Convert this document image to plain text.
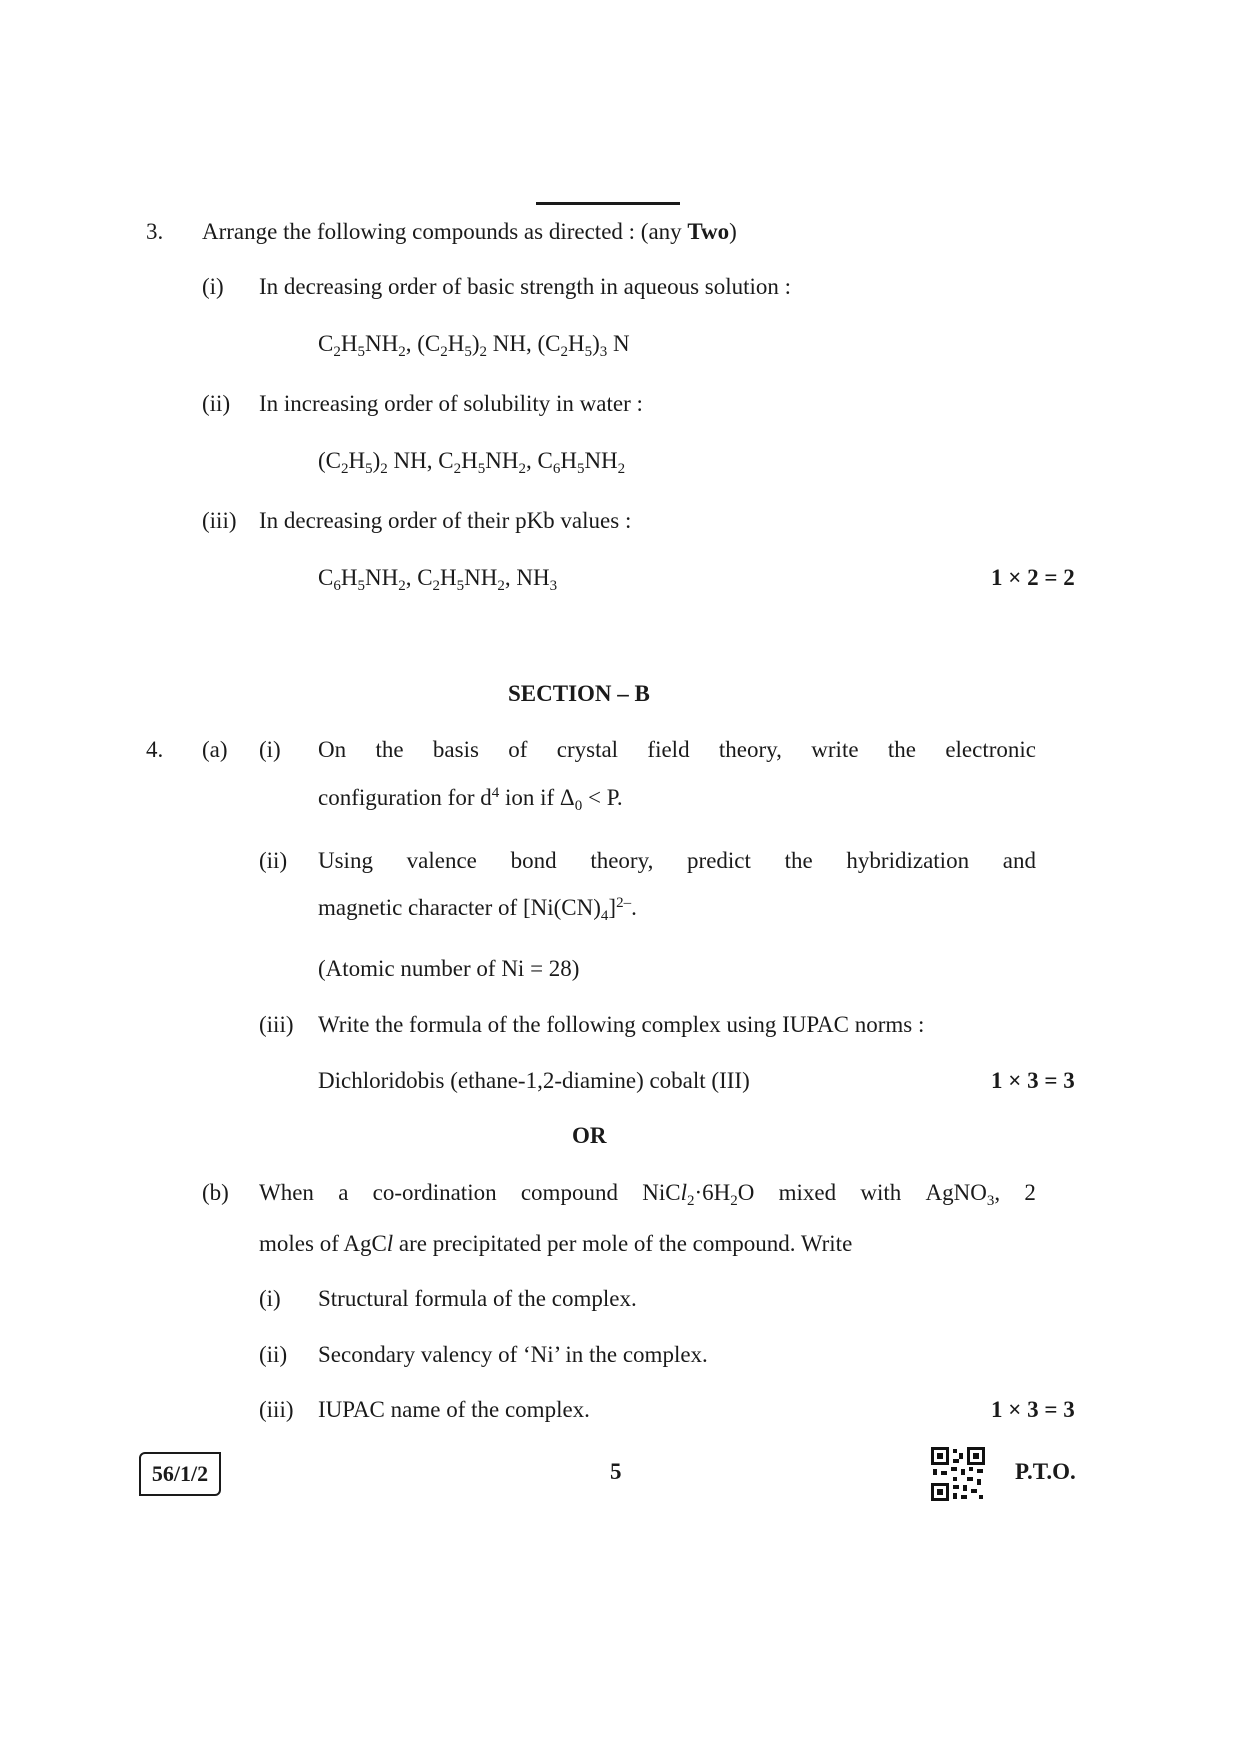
3. Arrange the following compounds as directed : (any Two)
(i) In decreasing order of basic strength in aqueous solution :
$C_2H_5NH_2$, $(C_2H_5)_2$ NH, $(C_2H_5)_3$ N
(ii) In increasing order of solubility in water :
$(C_2H_5)_2$ NH, $C_2H_5NH_2$, $C_6H_5NH_2$
(iii) In decreasing order of their pKb values :
$C_6H_5NH_2$, $C_2H_5NH_2$, $NH_3$	1 × 2 = 2
SECTION – B
4. (a) (i) On the basis of crystal field theory, write the electronic
configuration for $d^4$ ion if $\Delta_0 < P$.
(ii) Using valence bond theory, predict the hybridization and
magnetic character of $[Ni(CN)_4]^{2-}$.
(Atomic number of Ni = 28)
(iii) Write the formula of the following complex using IUPAC norms :
Dichloridobis (ethane-1,2-diamine) cobalt (III)	1 × 3 = 3
OR
(b) When a co-ordination compound $NiCl_2\cdot 6H_2O$ mixed with AgNO$_3$, 2
moles of AgCl are precipitated per mole of the compound. Write
(i) Structural formula of the complex.
(ii) Secondary valency of ‘Ni’ in the complex.
(iii) IUPAC name of the complex.	1 × 3 = 3
56/1/2	5	P.T.O.
